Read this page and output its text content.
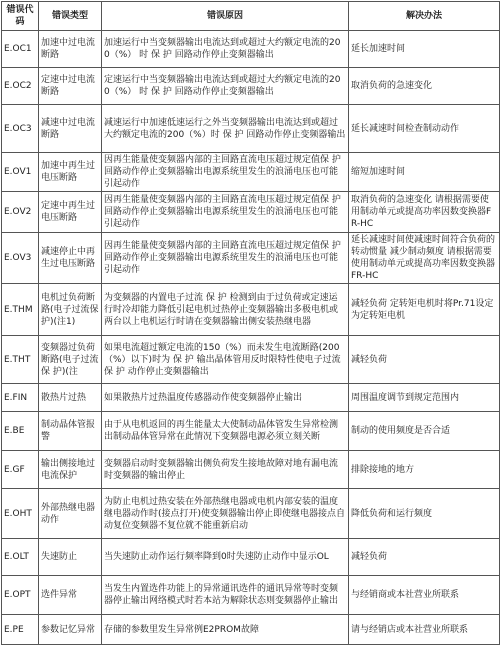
错误代码	错误类型	错误原因	解决办法
E.OC1	加速中过电流断路	加速运行中当变频器输出电流达到或超过大约额定电流的200（%） 时 保 护 回路动作停止变频器输出	延长加速时间
E.OC2	定速中过电流断路	定速运行中当变频器输出电流达到或超过大约额定电流的200（%） 时 保 护 回路动作停止变频器输出	取消负荷的急速变化
E.OC3	减速中过电流断路	减速运行中加速低速运行之外当变频器输出电流达到或超过大约额定电流的200（%）时 保 护 回路动作停止变频器输出	延长减速时间检查制动动作
E.OV1	加速中再生过电压断路	因再生能量使变频器内部的主回路直流电压超过规定值保 护 回路动作停止变频器输出电源系统里发生的浪涌电压也可能引起动作	缩短加速时间
E.OV2	定速中再生过电压断路	因再生能量使变频器内部的主回路直流电压超过规定值保 护 回路动作停止变频器输出电源系统里发生的浪涌电压也可能引起动作	取消负荷的急速变化 请根据需要使用制动单元或提高功率因数变换器FR-HC
E.OV3	减速停止中再生过电压断路	因再生能量使变频器内部的主回路直流电压超过规定值保 护 回路动作停止变频器输出电源系统里发生的浪涌电压也可能引起动作	延长减速时间使减速时间符合负荷的转动惯量 减少制动频度 请根据需要使用制动单元或提高功率因数变换器FR-HC
E.THM	电机过负荷断路(电子过流保护)(注1)	为变频器的内置电子过流 保 护 检测到由于过负荷或定速运行时冷却能力降低引起电机过热停止变频器输出多极电机或两台以上电机运行时请在变频器输出侧安装热继电器	减轻负荷 定转矩电机时将Pr.71设定为定转矩电机
E.THT	变频器过负荷断路(电子过流 保 护)(注	如果电流超过额定电流的150（%）而未发生电流断路(200（%）以下)时为 保 护 输出晶体管用反时限特性使电子过流 保 护 动作停止变频器输出	减轻负荷
E.FIN	散热片过热	如果散热片过热温度传感器动作使变频器停止输出	周围温度调节到规定范围内
E.BE	制动晶体管报警	由于从电机返回的再生能量太大使制动晶体管发生异常检测出制动晶体管异常在此情况下变频器电源必须立刻关断	制动的使用频度是否合适
E.GF	输出侧接地过电流保护	变频器启动时变频器输出侧负荷发生接地故障对地有漏电流时变频器的输出停止	排除接地的地方
E.OHT	外部热继电器动作	为防止电机过热安装在外部热继电器或电机内部安装的温度继电器动作时(接点打开)使变频器输出停止即使继电器接点自动复位变频器不复位就不能重新启动	降低负荷和运行频度
E.OLT	失速防止	当失速防止动作运行频率降到0时失速防止动作中显示OL	减轻负荷
E.OPT	选件异常	当发生内置选件功能上的异常通讯选件的通讯异常等时变频器停止输出网络模式时若本站为解除状态则变频器停止输出	与经销商或本社营业所联系
E.PE	参数记忆异常	存储的参数里发生异常例E2PROM故障	请与经销店或本社营业所联系
